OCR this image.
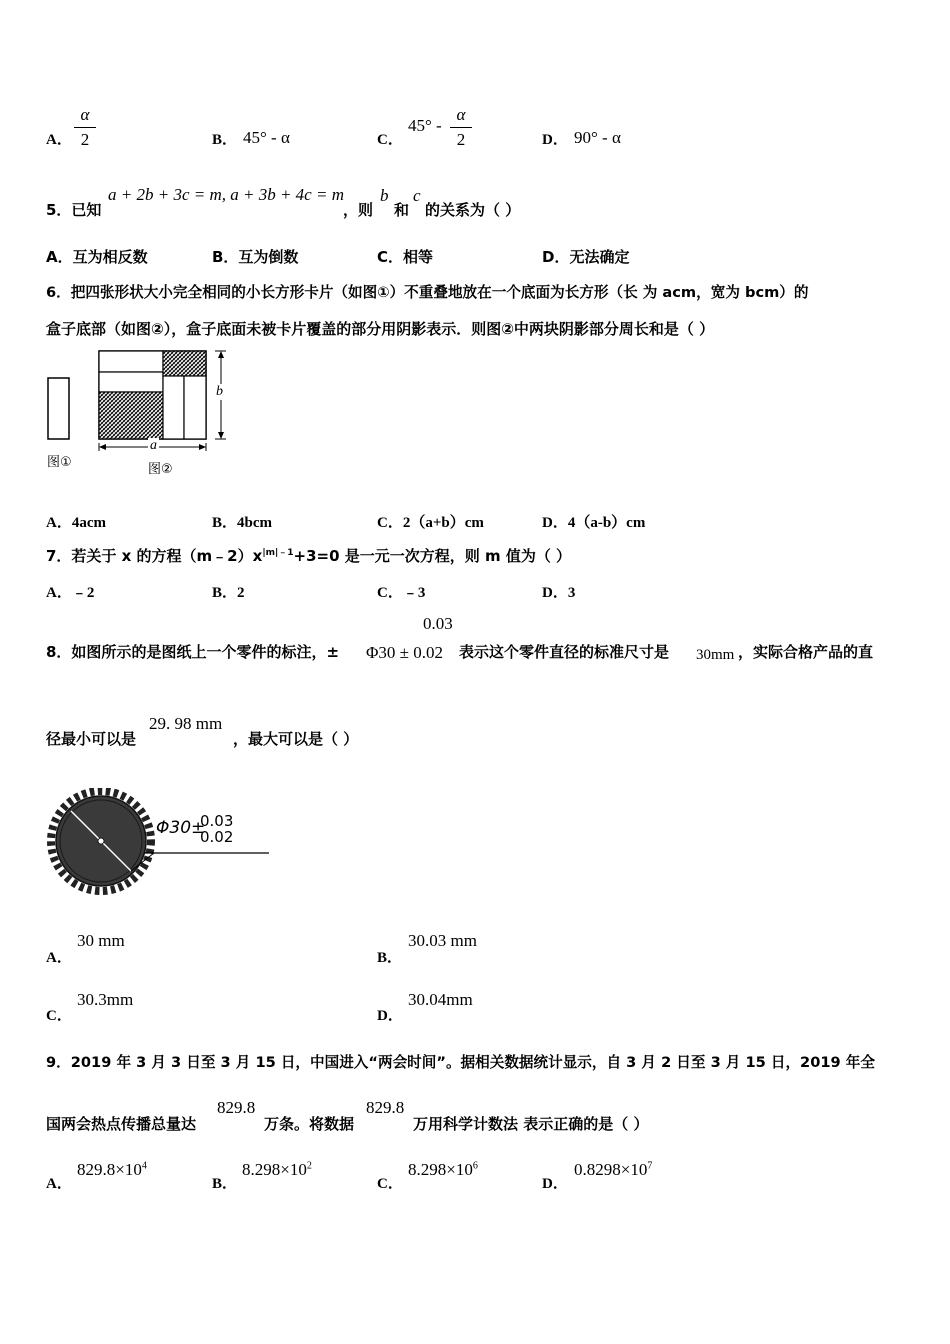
A．
α
2	B． 45° - α	C．
45° -
α
2	D． 90° - α
5．已知
a + 2b + 3c = m, a + 3b + 4c = m
，则
b
和
c
的关系为（ ）
A．互为相反数	B．互为倒数	C．相等	D．无法确定
6．把四张形状大小完全相同的小长方形卡片（如图①）不重叠地放在一个底面为长方形（长 为 acm，宽为 bcm）的
盒子底部（如图②），盒子底面未被卡片覆盖的部分用阴影表示．则图②中两块阴影部分周长和是（ ）
b
a
图①	图②
A．4acm	B．4bcm	C．2（a+b）cm	D．4（a-b）cm
7．若关于 x 的方程$(m﹣2)x^{|m|﹣1}+3=0$ 是一元一次方程，则 m 值为（ ）
A．﹣2	B．2	C．﹣3	D．3
0.03
8．如图所示的是图纸上一个零件的标注，± Φ30 ± 0.02 表示这个零件直径的标准尺寸是 30mm ，实际合格产品的直
径最小可以是
29. 98 mm
，最大可以是（ ）
Φ30±
0.03
0.02
A．
30 mm
B．
30.03 mm
C．
30.3mm
D．
30.04mm
9．2019 年 3 月 3 日至 3 月 15 日，中国进入“两会时间”。据相关数据统计显示，自 3 月 2 日至 3 月 15 日，2019 年全
国两会热点传播总量达
829.8
万条。将数据
829.8
万用科学计数法 表示正确的是（ ）
A．
$829.8\times 10^4$
B．
$8.298\times 10^2$
C．
$8.298\times 10^6$
D．
$0.8298\times 10^7$
